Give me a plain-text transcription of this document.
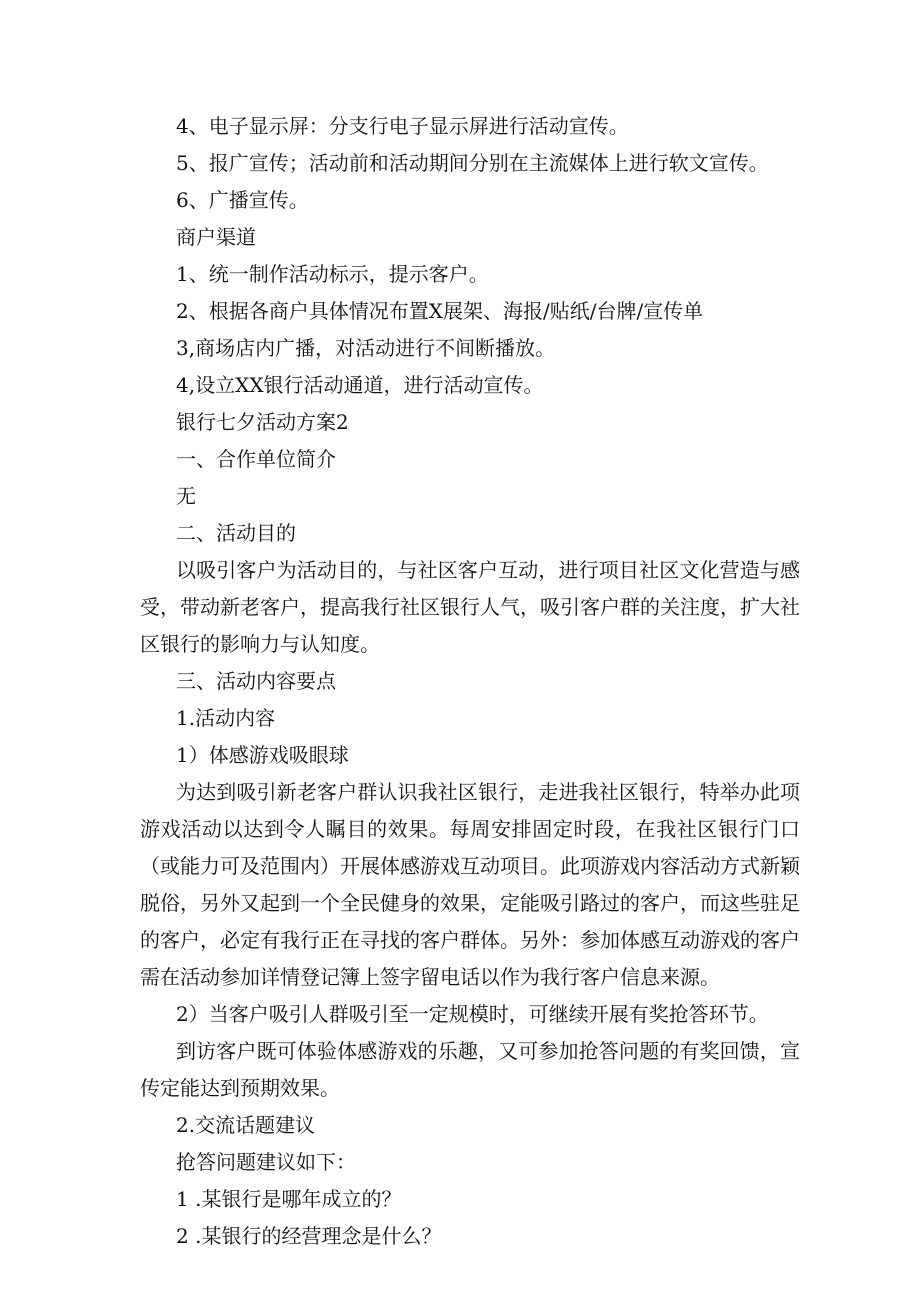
4、电子显示屏：分支行电子显示屏进行活动宣传。
5、报广宣传；活动前和活动期间分别在主流媒体上进行软文宣传。
6、广播宣传。
商户渠道
1、统一制作活动标示，提示客户。
2、根据各商户具体情况布置X展架、海报/贴纸/台牌/宣传单
3,商场店内广播，对活动进行不间断播放。
4,设立XX银行活动通道，进行活动宣传。
银行七夕活动方案2
一、合作单位简介
无
二、活动目的
以吸引客户为活动目的，与社区客户互动，进行项目社区文化营造与感受，带动新老客户，提高我行社区银行人气，吸引客户群的关注度，扩大社区银行的影响力与认知度。
三、活动内容要点
1.活动内容
1）体感游戏吸眼球
为达到吸引新老客户群认识我社区银行，走进我社区银行，特举办此项游戏活动以达到令人瞩目的效果。每周安排固定时段，在我社区银行门口（或能力可及范围内）开展体感游戏互动项目。此项游戏内容活动方式新颖脱俗，另外又起到一个全民健身的效果，定能吸引路过的客户，而这些驻足的客户，必定有我行正在寻找的客户群体。另外：参加体感互动游戏的客户需在活动参加详情登记簿上签字留电话以作为我行客户信息来源。
2）当客户吸引人群吸引至一定规模时，可继续开展有奖抢答环节。
到访客户既可体验体感游戏的乐趣，又可参加抢答问题的有奖回馈，宣传定能达到预期效果。
2.交流话题建议
抢答问题建议如下：
1 .某银行是哪年成立的？
2 .某银行的经营理念是什么？
